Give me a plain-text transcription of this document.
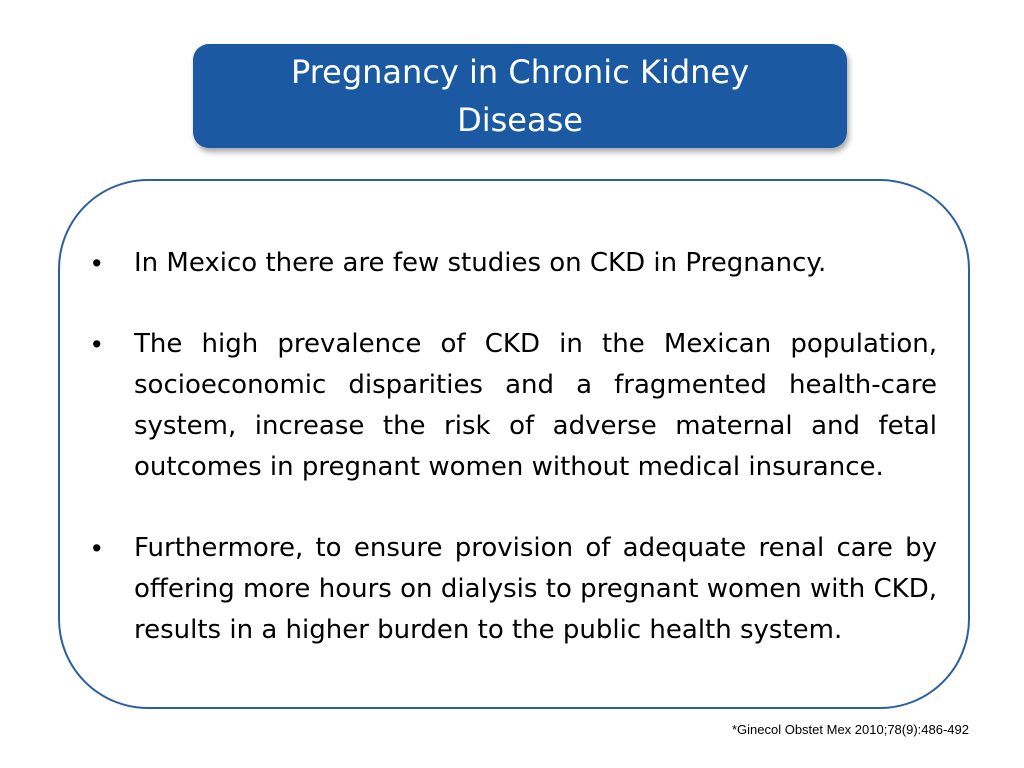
Pregnancy in Chronic Kidney Disease
•	In Mexico there are few studies on CKD in Pregnancy.
•	The high prevalence of CKD in the Mexican population, socioeconomic disparities and a fragmented health-care system, increase the risk of adverse maternal and fetal outcomes in pregnant women without medical insurance.
•	Furthermore, to ensure provision of adequate renal care by offering more hours on dialysis to pregnant women with CKD, results in a higher burden to the public health system.
*Ginecol Obstet Mex 2010;78(9):486-492
